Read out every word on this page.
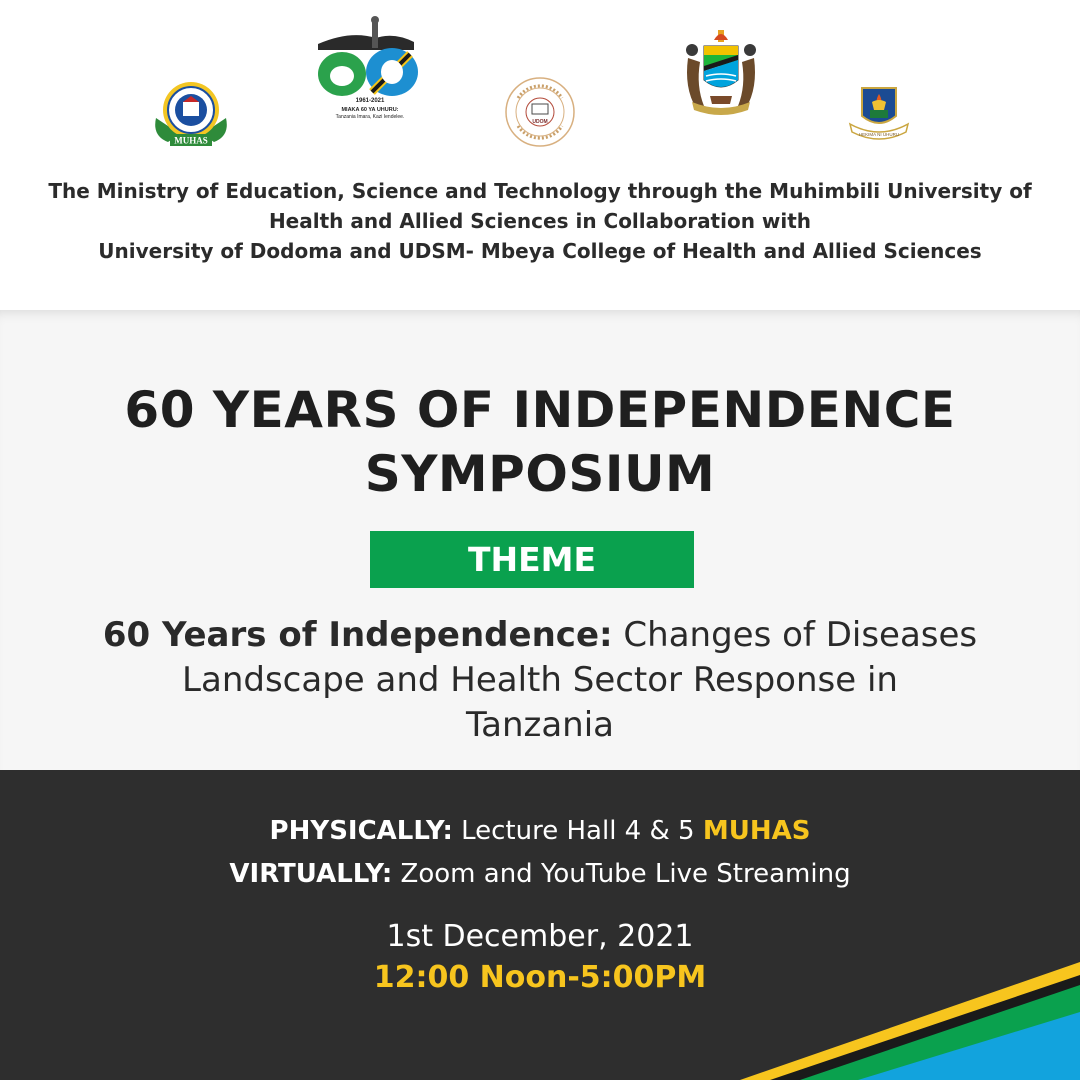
MUHAS
1961-2021
MIAKA 60 YA UHURU:
Tanzania Imara, Kazi Iendelee.
UDOM
HEKIMA NI UHURU
The Ministry of Education, Science and Technology through the Muhimbili University of
Health and Allied Sciences in Collaboration with
University of Dodoma and UDSM- Mbeya College of Health and Allied Sciences
60 YEARS OF INDEPENDENCE
SYMPOSIUM
THEME
60 Years of Independence: Changes of Diseases
Landscape and Health Sector Response in
Tanzania
PHYSICALLY: Lecture Hall 4 & 5 MUHAS
VIRTUALLY: Zoom and YouTube Live Streaming
1st December, 2021
12:00 Noon-5:00PM
